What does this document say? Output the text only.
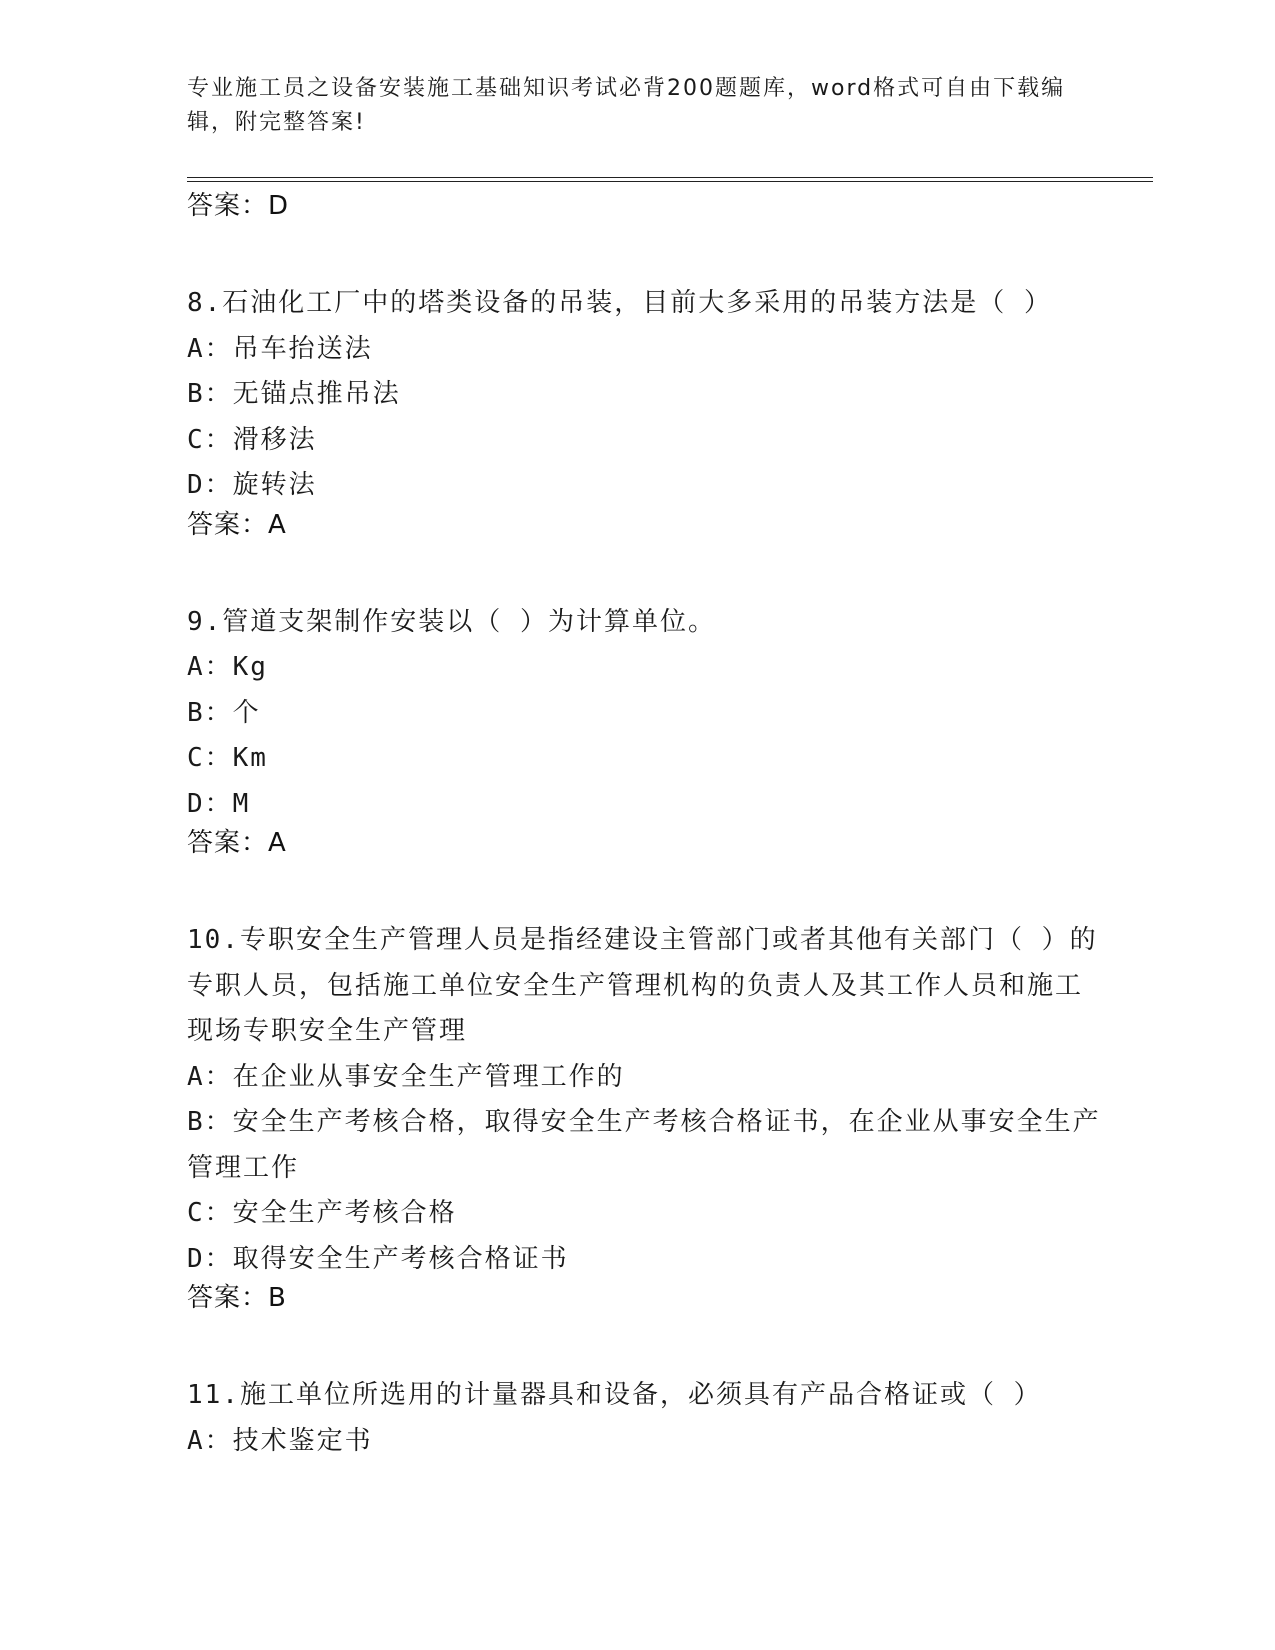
专业施工员之设备安装施工基础知识考试必背200题题库，word格式可自由下载编辑，附完整答案!
答案：D
8.石油化工厂中的塔类设备的吊装，目前大多采用的吊装方法是（ ）
A：吊车抬送法
B：无锚点推吊法
C：滑移法
D：旋转法
答案：A
9.管道支架制作安装以（ ）为计算单位。
A：Kg
B：个
C：Km
D：M
答案：A
10.专职安全生产管理人员是指经建设主管部门或者其他有关部门（ ）的专职人员，包括施工单位安全生产管理机构的负责人及其工作人员和施工现场专职安全生产管理
A：在企业从事安全生产管理工作的
B：安全生产考核合格，取得安全生产考核合格证书，在企业从事安全生产管理工作
C：安全生产考核合格
D：取得安全生产考核合格证书
答案：B
11.施工单位所选用的计量器具和设备，必须具有产品合格证或（ ）
A：技术鉴定书
